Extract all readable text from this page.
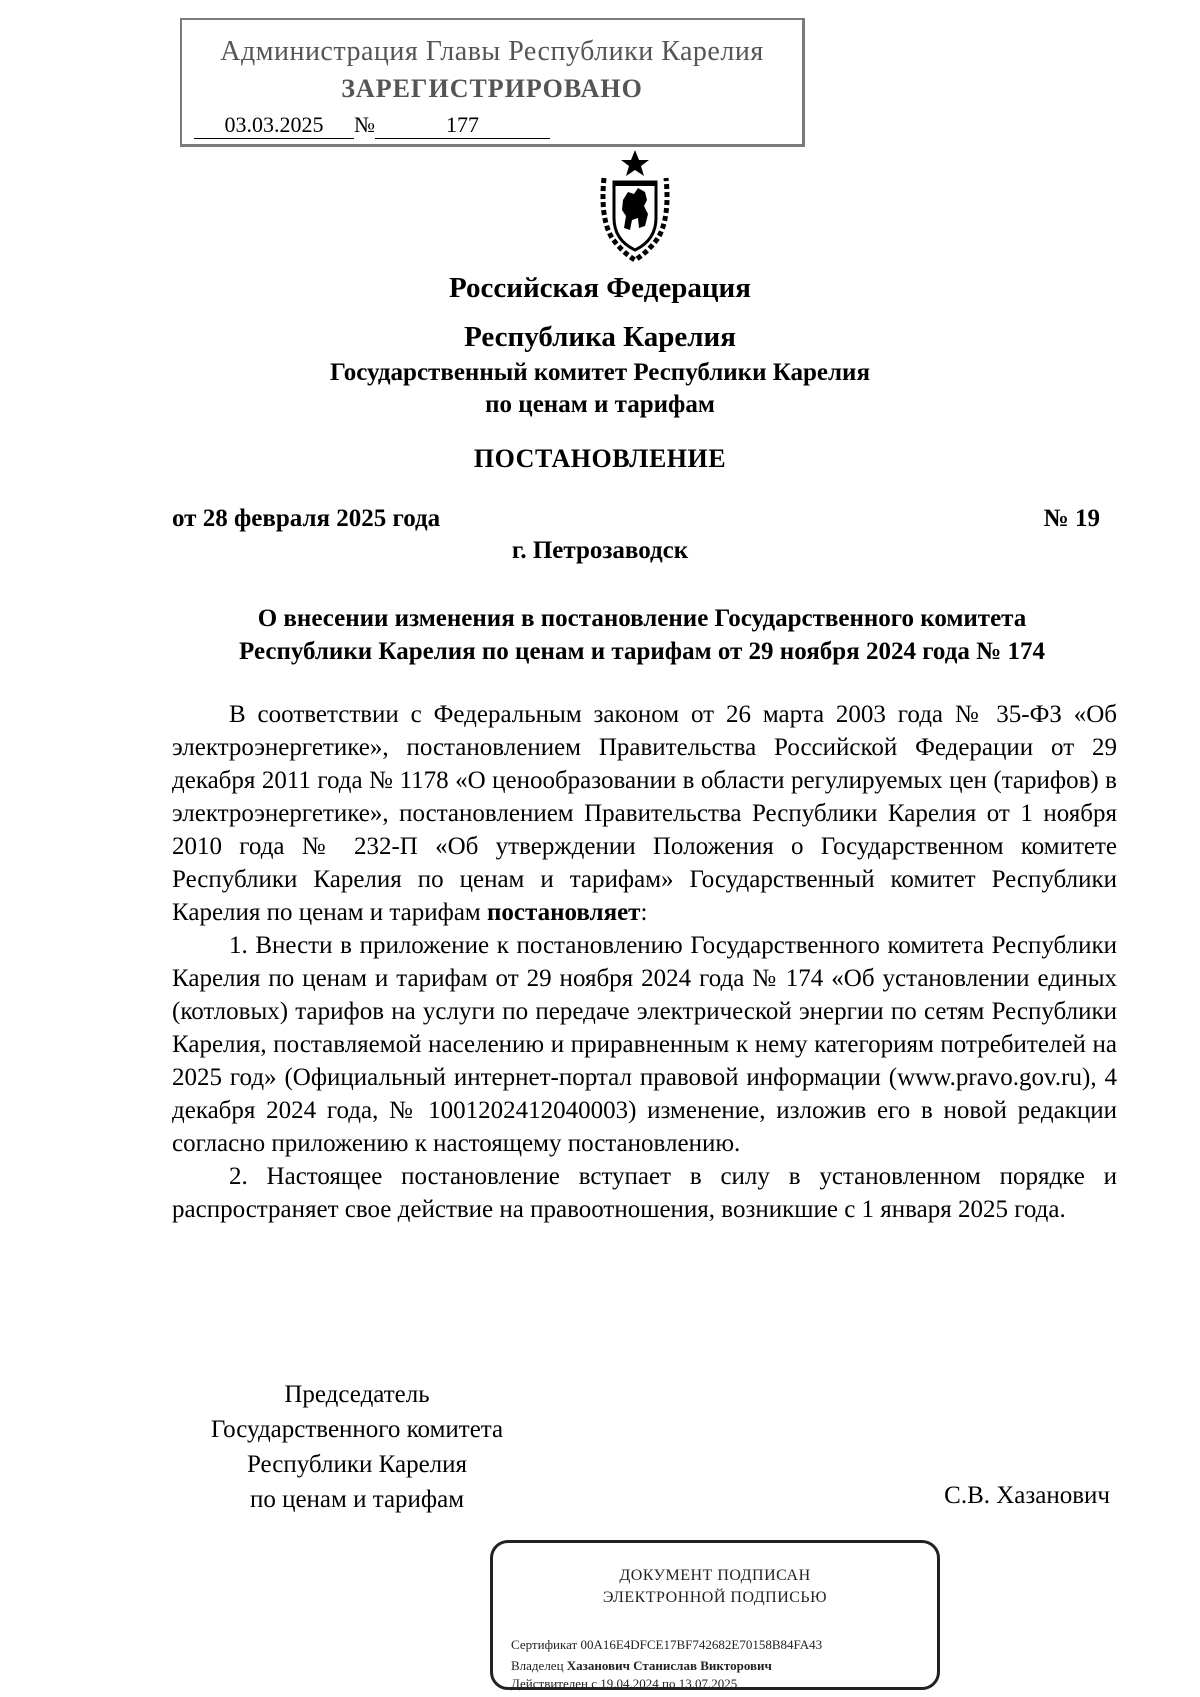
Администрация Главы Республики Карелия
ЗАРЕГИСТРИРОВАНО
03.03.2025 №	177
Российская Федерация
Республика Карелия
Государственный комитет Республики Карелия
по ценам и тарифам
ПОСТАНОВЛЕНИЕ
от 28 февраля 2025 года	№ 19
г. Петрозаводск
О внесении изменения в постановление Государственного комитета
Республики Карелия по ценам и тарифам от 29 ноября 2024 года № 174

В соответствии с Федеральным законом от 26 марта 2003 года № 35-ФЗ «Об электроэнергетике», постановлением Правительства Российской Федерации от 29 декабря 2011 года № 1178 «О ценообразовании в области регулируемых цен (тарифов) в электроэнергетике», постановлением Правительства Республики Карелия от 1 ноября 2010 года № 232-П «Об утверждении Положения о Государственном комитете Республики Карелия по ценам и тарифам» Государственный комитет Республики Карелия по ценам и тарифам постановляет:

1. Внести в приложение к постановлению Государственного комитета Республики Карелия по ценам и тарифам от 29 ноября 2024 года № 174 «Об установлении единых (котловых) тарифов на услуги по передаче электрической энергии по сетям Республики Карелия, поставляемой населению и приравненным к нему категориям потребителей на 2025 год» (Официальный интернет-портал правовой информации (www.pravo.gov.ru), 4 декабря 2024 года, № 1001202412040003) изменение, изложив его в новой редакции согласно приложению к настоящему постановлению.

2. Настоящее постановление вступает в силу в установленном порядке и распространяет свое действие на правоотношения, возникшие с 1 января 2025 года.

Председатель
Государственного комитета
Республики Карелия
по ценам и тарифам	С.В. Хазанович
ДОКУМЕНТ ПОДПИСАН
ЭЛЕКТРОННОЙ ПОДПИСЬЮ
Сертификат 00A16E4DFCE17BF742682E70158B84FA43
Владелец Хазанович Станислав Викторович
Действителен с 19.04.2024 по 13.07.2025
